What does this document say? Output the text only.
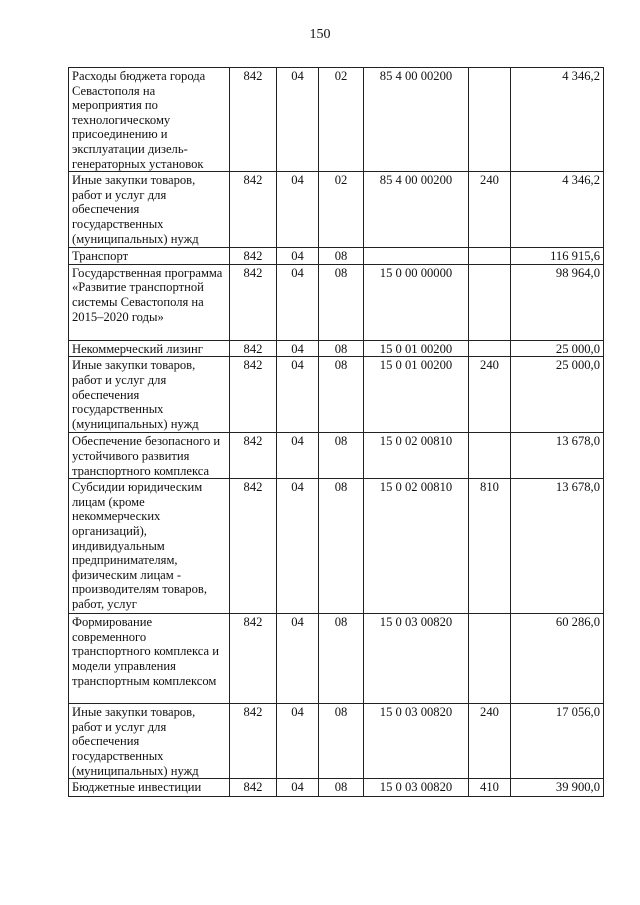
150
Расходы бюджета города Севастополя на мероприятия по технологическому присоединению и эксплуатации дизель-генераторных установок	842	04	02	85 4 00 00200		4 346,2
Иные закупки товаров, работ и услуг для обеспечения государственных (муниципальных) нужд	842	04	02	85 4 00 00200	240	4 346,2
Транспорт	842	04	08			116 915,6
Государственная программа «Развитие транспортной системы Севастополя на 2015–2020 годы»	842	04	08	15 0 00 00000		98 964,0
Некоммерческий лизинг	842	04	08	15 0 01 00200		25 000,0
Иные закупки товаров, работ и услуг для обеспечения государственных (муниципальных) нужд	842	04	08	15 0 01 00200	240	25 000,0
Обеспечение безопасного и устойчивого развития транспортного комплекса	842	04	08	15 0 02 00810		13 678,0
Субсидии юридическим лицам (кроме некоммерческих организаций), индивидуальным предпринимателям, физическим лицам - производителям товаров, работ, услуг	842	04	08	15 0 02 00810	810	13 678,0
Формирование современного транспортного комплекса и модели управления транспортным комплексом	842	04	08	15 0 03 00820		60 286,0
Иные закупки товаров, работ и услуг для обеспечения государственных (муниципальных) нужд	842	04	08	15 0 03 00820	240	17 056,0
Бюджетные инвестиции	842	04	08	15 0 03 00820	410	39 900,0
